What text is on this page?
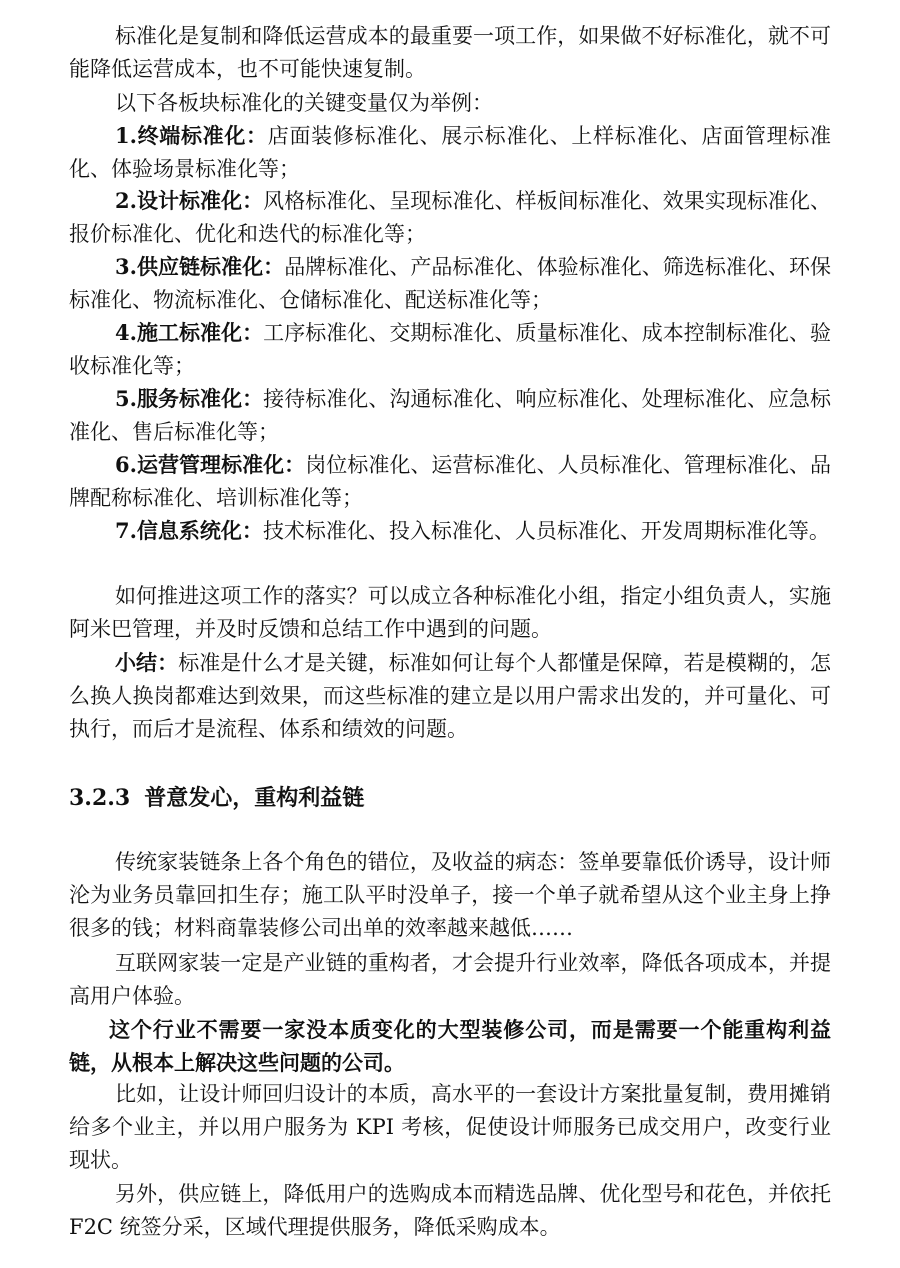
标准化是复制和降低运营成本的最重要一项工作，如果做不好标准化，就不可能降低运营成本，也不可能快速复制。

以下各板块标准化的关键变量仅为举例：

1.终端标准化：店面装修标准化、展示标准化、上样标准化、店面管理标准化、体验场景标准化等；

2.设计标准化：风格标准化、呈现标准化、样板间标准化、效果实现标准化、报价标准化、优化和迭代的标准化等；

3.供应链标准化：品牌标准化、产品标准化、体验标准化、筛选标准化、环保标准化、物流标准化、仓储标准化、配送标准化等；

4.施工标准化：工序标准化、交期标准化、质量标准化、成本控制标准化、验收标准化等；

5.服务标准化：接待标准化、沟通标准化、响应标准化、处理标准化、应急标准化、售后标准化等；

6.运营管理标准化：岗位标准化、运营标准化、人员标准化、管理标准化、品牌配称标准化、培训标准化等；

7.信息系统化：技术标准化、投入标准化、人员标准化、开发周期标准化等。

如何推进这项工作的落实？可以成立各种标准化小组，指定小组负责人，实施阿米巴管理，并及时反馈和总结工作中遇到的问题。

小结：标准是什么才是关键，标准如何让每个人都懂是保障，若是模糊的，怎么换人换岗都难达到效果，而这些标准的建立是以用户需求出发的，并可量化、可执行，而后才是流程、体系和绩效的问题。

3.2.3 普意发心，重构利益链

传统家装链条上各个角色的错位，及收益的病态：签单要靠低价诱导，设计师沦为业务员靠回扣生存；施工队平时没单子，接一个单子就希望从这个业主身上挣很多的钱；材料商靠装修公司出单的效率越来越低……

互联网家装一定是产业链的重构者，才会提升行业效率，降低各项成本，并提高用户体验。

这个行业不需要一家没本质变化的大型装修公司，而是需要一个能重构利益链，从根本上解决这些问题的公司。

比如，让设计师回归设计的本质，高水平的一套设计方案批量复制，费用摊销给多个业主，并以用户服务为 KPI 考核，促使设计师服务已成交用户，改变行业现状。

另外，供应链上，降低用户的选购成本而精选品牌、优化型号和花色，并依托 F2C 统签分采，区域代理提供服务，降低采购成本。
